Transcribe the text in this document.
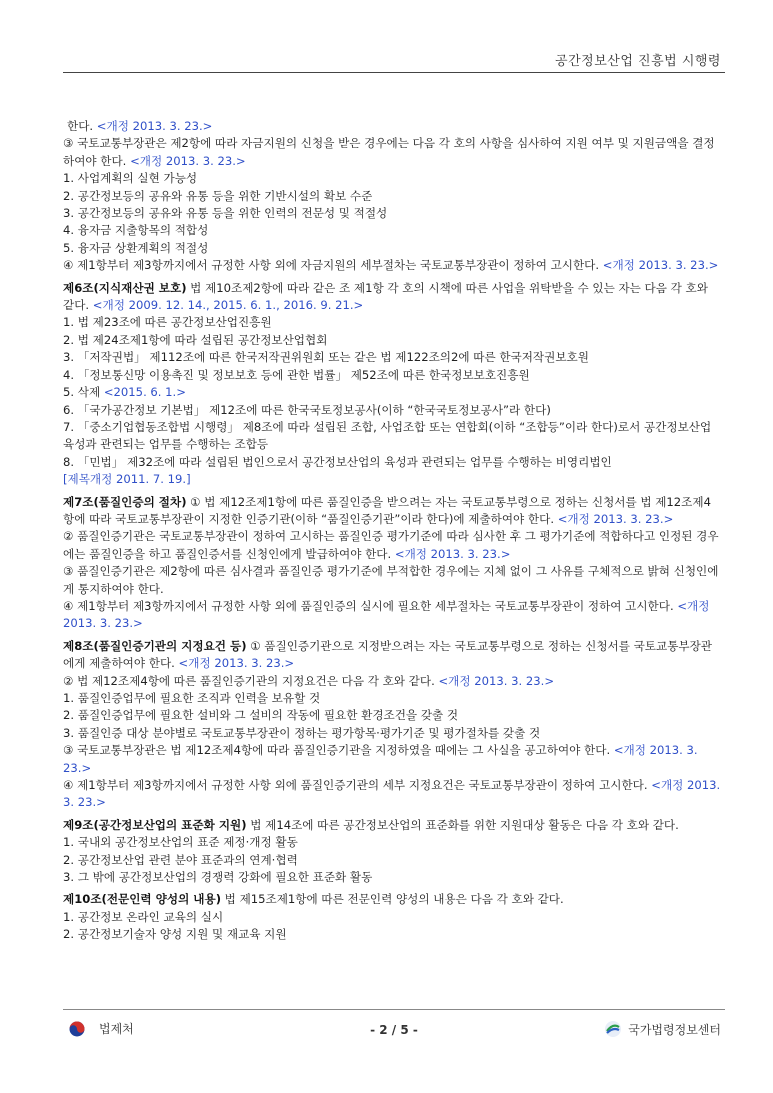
공간정보산업 진흥법 시행령

한다. <개정 2013. 3. 23.>

③ 국토교통부장관은 제2항에 따라 자금지원의 신청을 받은 경우에는 다음 각 호의 사항을 심사하여 지원 여부 및 지원금액을 결정하여야 한다. <개정 2013. 3. 23.>

1. 사업계획의 실현 가능성

2. 공간정보등의 공유와 유통 등을 위한 기반시설의 확보 수준

3. 공간정보등의 공유와 유통 등을 위한 인력의 전문성 및 적절성

4. 융자금 지출항목의 적합성

5. 융자금 상환계획의 적절성

④ 제1항부터 제3항까지에서 규정한 사항 외에 자금지원의 세부절차는 국토교통부장관이 정하여 고시한다. <개정 2013. 3. 23.>

제6조(지식재산권 보호) 법 제10조제2항에 따라 같은 조 제1항 각 호의 시책에 따른 사업을 위탁받을 수 있는 자는 다음 각 호와 같다. <개정 2009. 12. 14., 2015. 6. 1., 2016. 9. 21.>

1. 법 제23조에 따른 공간정보산업진흥원

2. 법 제24조제1항에 따라 설립된 공간정보산업협회

3. 「저작권법」 제112조에 따른 한국저작권위원회 또는 같은 법 제122조의2에 따른 한국저작권보호원

4. 「정보통신망 이용촉진 및 정보보호 등에 관한 법률」 제52조에 따른 한국정보보호진흥원

5. 삭제 <2015. 6. 1.>

6. 「국가공간정보 기본법」 제12조에 따른 한국국토정보공사(이하 “한국국토정보공사”라 한다)

7. 「중소기업협동조합법 시행령」 제8조에 따라 설립된 조합, 사업조합 또는 연합회(이하 “조합등”이라 한다)로서 공간정보산업 육성과 관련되는 업무를 수행하는 조합등

8. 「민법」 제32조에 따라 설립된 법인으로서 공간정보산업의 육성과 관련되는 업무를 수행하는 비영리법인

[제목개정 2011. 7. 19.]

제7조(품질인증의 절차) ① 법 제12조제1항에 따른 품질인증을 받으려는 자는 국토교통부령으로 정하는 신청서를 법 제12조제4항에 따라 국토교통부장관이 지정한 인증기관(이하 “품질인증기관”이라 한다)에 제출하여야 한다. <개정 2013. 3. 23.>

② 품질인증기관은 국토교통부장관이 정하여 고시하는 품질인증 평가기준에 따라 심사한 후 그 평가기준에 적합하다고 인정된 경우에는 품질인증을 하고 품질인증서를 신청인에게 발급하여야 한다. <개정 2013. 3. 23.>

③ 품질인증기관은 제2항에 따른 심사결과 품질인증 평가기준에 부적합한 경우에는 지체 없이 그 사유를 구체적으로 밝혀 신청인에게 통지하여야 한다.

④ 제1항부터 제3항까지에서 규정한 사항 외에 품질인증의 실시에 필요한 세부절차는 국토교통부장관이 정하여 고시한다. <개정 2013. 3. 23.>

제8조(품질인증기관의 지정요건 등) ① 품질인증기관으로 지정받으려는 자는 국토교통부령으로 정하는 신청서를 국토교통부장관에게 제출하여야 한다. <개정 2013. 3. 23.>

② 법 제12조제4항에 따른 품질인증기관의 지정요건은 다음 각 호와 같다. <개정 2013. 3. 23.>

1. 품질인증업무에 필요한 조직과 인력을 보유할 것

2. 품질인증업무에 필요한 설비와 그 설비의 작동에 필요한 환경조건을 갖출 것

3. 품질인증 대상 분야별로 국토교통부장관이 정하는 평가항목·평가기준 및 평가절차를 갖출 것

③ 국토교통부장관은 법 제12조제4항에 따라 품질인증기관을 지정하였을 때에는 그 사실을 공고하여야 한다. <개정 2013. 3. 23.>

④ 제1항부터 제3항까지에서 규정한 사항 외에 품질인증기관의 세부 지정요건은 국토교통부장관이 정하여 고시한다. <개정 2013. 3. 23.>

제9조(공간정보산업의 표준화 지원) 법 제14조에 따른 공간정보산업의 표준화를 위한 지원대상 활동은 다음 각 호와 같다.

1. 국내외 공간정보산업의 표준 제정·개정 활동

2. 공간정보산업 관련 분야 표준과의 연계·협력

3. 그 밖에 공간정보산업의 경쟁력 강화에 필요한 표준화 활동

제10조(전문인력 양성의 내용) 법 제15조제1항에 따른 전문인력 양성의 내용은 다음 각 호와 같다.

1. 공간정보 온라인 교육의 실시

2. 공간정보기술자 양성 지원 및 재교육 지원

법제처	- 2 / 5 -	국가법령정보센터
